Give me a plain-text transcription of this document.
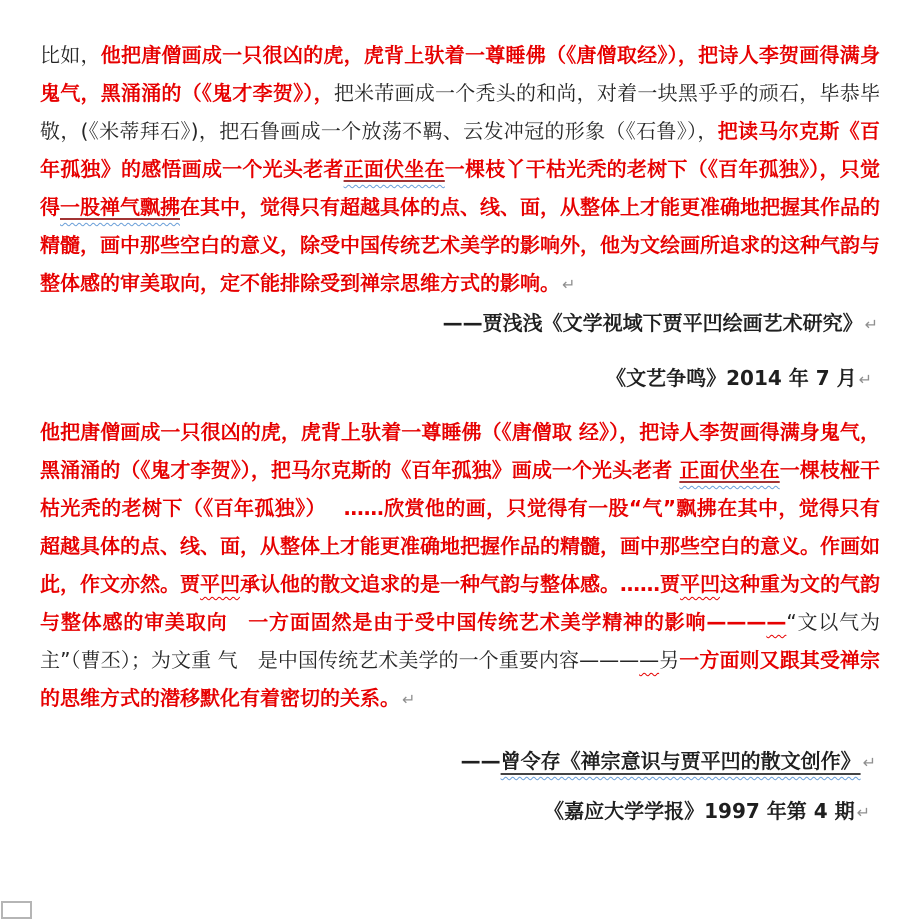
比如，他把唐僧画成一只很凶的虎，虎背上驮着一尊睡佛（《唐僧取经》），把诗人李贺画得满身鬼气，黑涌涌的（《鬼才李贺》），把米芾画成一个秃头的和尚，对着一块黑乎乎的顽石，毕恭毕敬，(《米蒂拜石》)，把石鲁画成一个放荡不羁、云发冲冠的形象（《石鲁》），把读马尔克斯《百年孤独》的感悟画成一个光头老者正面伏坐在一棵枝丫干枯光秃的老树下（《百年孤独》），只觉得一股禅气飘拂在其中，觉得只有超越具体的点、线、面，从整体上才能更准确地把握其作品的精髓，画中那些空白的意义，除受中国传统艺术美学的影响外，他为文绘画所追求的这种气韵与整体感的审美取向，定不能排除受到禅宗思维方式的影响。 ↵
——贾浅浅《文学视域下贾平凹绘画艺术研究》 ↵
《文艺争鸣》2014 年 7 月 ↵
他把唐僧画成一只很凶的虎，虎背上驮着一尊睡佛（《唐僧取 经》），把诗人李贺画得满身鬼气，黑涌涌的（《鬼才李贺》），把马尔克斯的《百年孤独》画成一个光头老者 正面伏坐在一棵枝桠干枯光秃的老树下（《百年孤独》）　 ……欣赏他的画，只觉得有一股“气”飘拂在其中，觉得只有超越具体的点、线、面，从整体上才能更准确地把握作品的精髓，画中那些空白的意义。作画如此，作文亦然。贾平凹承认他的散文追求的是一种气韵与整体感。……贾平凹这种重为文的气韵与整体感的审美取向　一方面固然是由于受中国传统艺术美学精神的影响————“文以气为主”（曹丕）；为文重 气　是中国传统艺术美学的一个重要内容————另一方面则又跟其受禅宗的思维方式的潜移默化有着密切的关系。 ↵
——曾令存《禅宗意识与贾平凹的散文创作》 ↵
《嘉应大学学报》1997 年第 4 期 ↵
